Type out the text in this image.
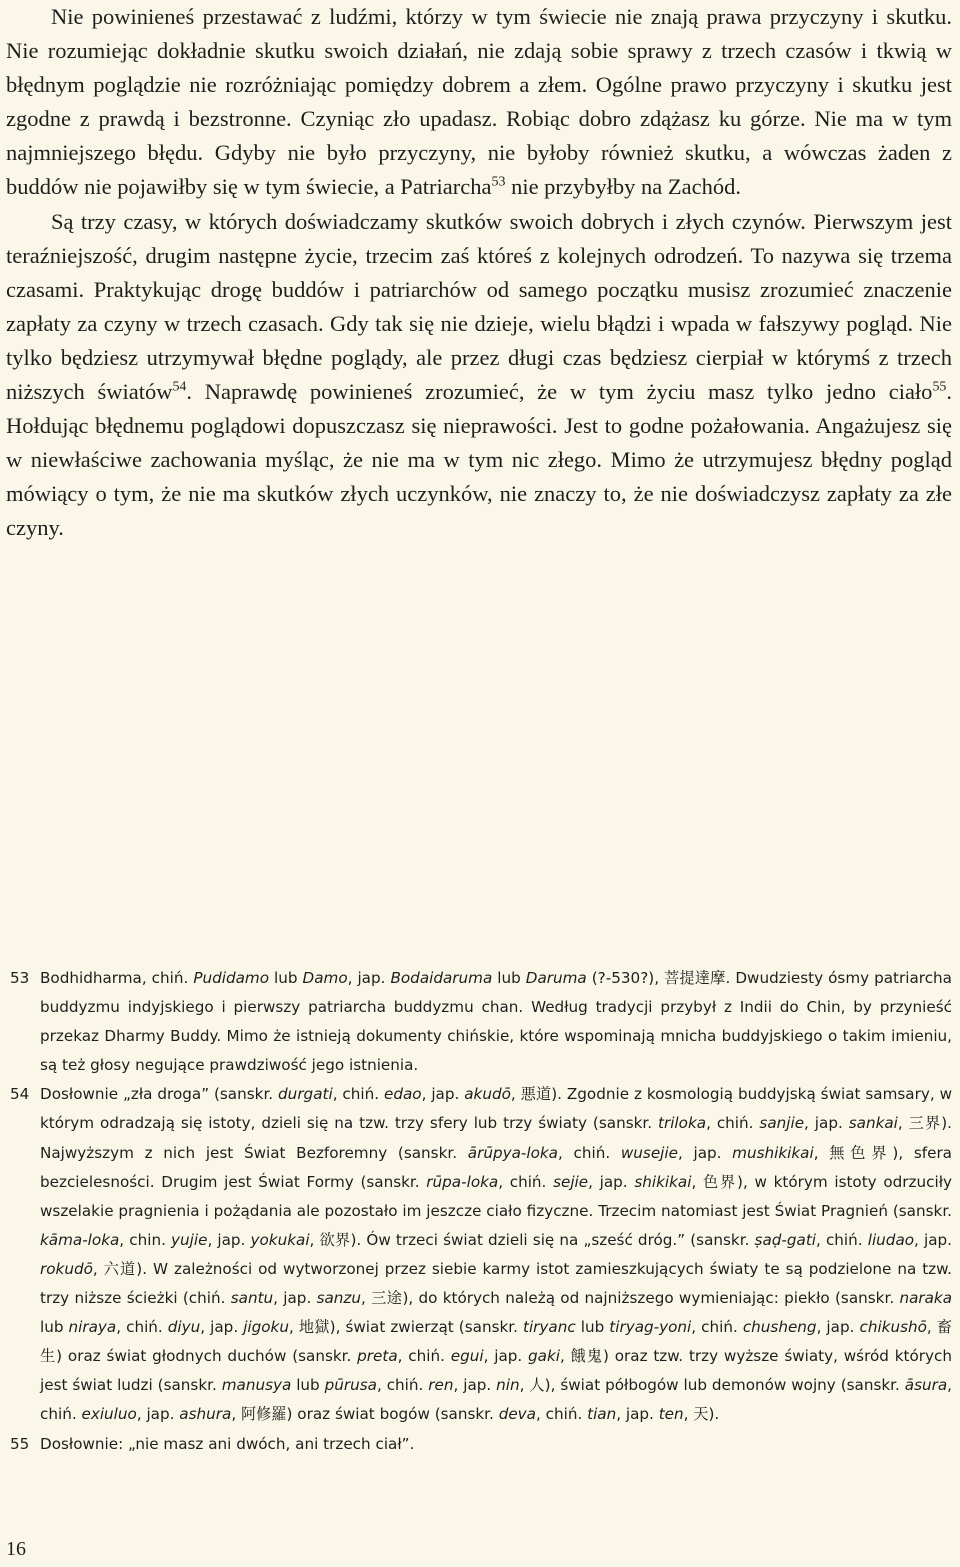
Nie powinieneś przestawać z ludźmi, którzy w tym świecie nie znają prawa przyczyny i skutku. Nie rozumiejąc dokładnie skutku swoich działań, nie zdają sobie sprawy z trzech czasów i tkwią w błędnym poglądzie nie rozróżniając pomiędzy dobrem a złem. Ogólne prawo przyczyny i skutku jest zgodne z prawdą i bezstronne. Czyniąc zło upadasz. Robiąc dobro zdążasz ku górze. Nie ma w tym najmniejszego błędu. Gdyby nie było przyczyny, nie byłoby również skutku, a wówczas żaden z buddów nie pojawiłby się w tym świecie, a Patriarcha$^{53}$ nie przybyłby na Zachód.

Są trzy czasy, w których doświadczamy skutków swoich dobrych i złych czynów. Pierwszym jest teraźniejszość, drugim następne życie, trzecim zaś któreś z kolejnych odrodzeń. To nazywa się trzema czasami. Praktykując drogę buddów i patriarchów od samego początku musisz zrozumieć znaczenie zapłaty za czyny w trzech czasach. Gdy tak się nie dzieje, wielu błądzi i wpada w fałszywy pogląd. Nie tylko będziesz utrzymywał błędne poglądy, ale przez długi czas będziesz cierpiał w którymś z trzech niższych światów$^{54}$. Naprawdę powinieneś zrozumieć, że w tym życiu masz tylko jedno ciało$^{55}$. Hołdując błędnemu poglądowi dopuszczasz się nieprawości. Jest to godne pożałowania. Angażujesz się w niewłaściwe zachowania myśląc, że nie ma w tym nic złego. Mimo że utrzymujesz błędny pogląd mówiący o tym, że nie ma skutków złych uczynków, nie znaczy to, że nie doświadczysz zapłaty za złe czyny.

53 Bodhidharma, chiń. Pudidamo lub Damo, jap. Bodaidaruma lub Daruma (?-530?), 菩提達摩. Dwudziesty ósmy patriarcha buddyzmu indyjskiego i pierwszy patriarcha buddyzmu chan. Według tradycji przybył z Indii do Chin, by przynieść przekaz Dharmy Buddy. Mimo że istnieją dokumenty chińskie, które wspominają mnicha buddyjskiego o takim imieniu, są też głosy negujące prawdziwość jego istnienia.
54 Dosłownie „zła droga” (sanskr. durgati, chiń. edao, jap. akudō, 悪道). Zgodnie z kosmologią buddyjską świat samsary, w którym odradzają się istoty, dzieli się na tzw. trzy sfery lub trzy światy (sanskr. triloka, chiń. sanjie, jap. sankai, 三界). Najwyższym z nich jest Świat Bezforemny (sanskr. ārūpya-loka, chiń. wusejie, jap. mushikikai, 無色界), sfera bezcielesności. Drugim jest Świat Formy (sanskr. rūpa-loka, chiń. sejie, jap. shikikai, 色界), w którym istoty odrzuciły wszelakie pragnienia i pożądania ale pozostało im jeszcze ciało fizyczne. Trzecim natomiast jest Świat Pragnień (sanskr. kāma-loka, chin. yujie, jap. yokukai, 欲界). Ów trzeci świat dzieli się na „sześć dróg.” (sanskr. ṣaḍ-gati, chiń. liudao, jap. rokudō, 六道). W zależności od wytworzonej przez siebie karmy istot zamieszkujących światy te są podzielone na tzw. trzy niższe ścieżki (chiń. santu, jap. sanzu, 三途), do których należą od najniższego wymieniając: piekło (sanskr. naraka lub niraya, chiń. diyu, jap. jigoku, 地獄), świat zwierząt (sanskr. tiryanc lub tiryag-yoni, chiń. chusheng, jap. chikushō, 畜生) oraz świat głodnych duchów (sanskr. preta, chiń. egui, jap. gaki, 餓鬼) oraz tzw. trzy wyższe światy, wśród których jest świat ludzi (sanskr. manusya lub pūrusa, chiń. ren, jap. nin, 人), świat półbogów lub demonów wojny (sanskr. āsura, chiń. exiuluo, jap. ashura, 阿修羅) oraz świat bogów (sanskr. deva, chiń. tian, jap. ten, 天).
55 Dosłownie: „nie masz ani dwóch, ani trzech ciał”.
16
